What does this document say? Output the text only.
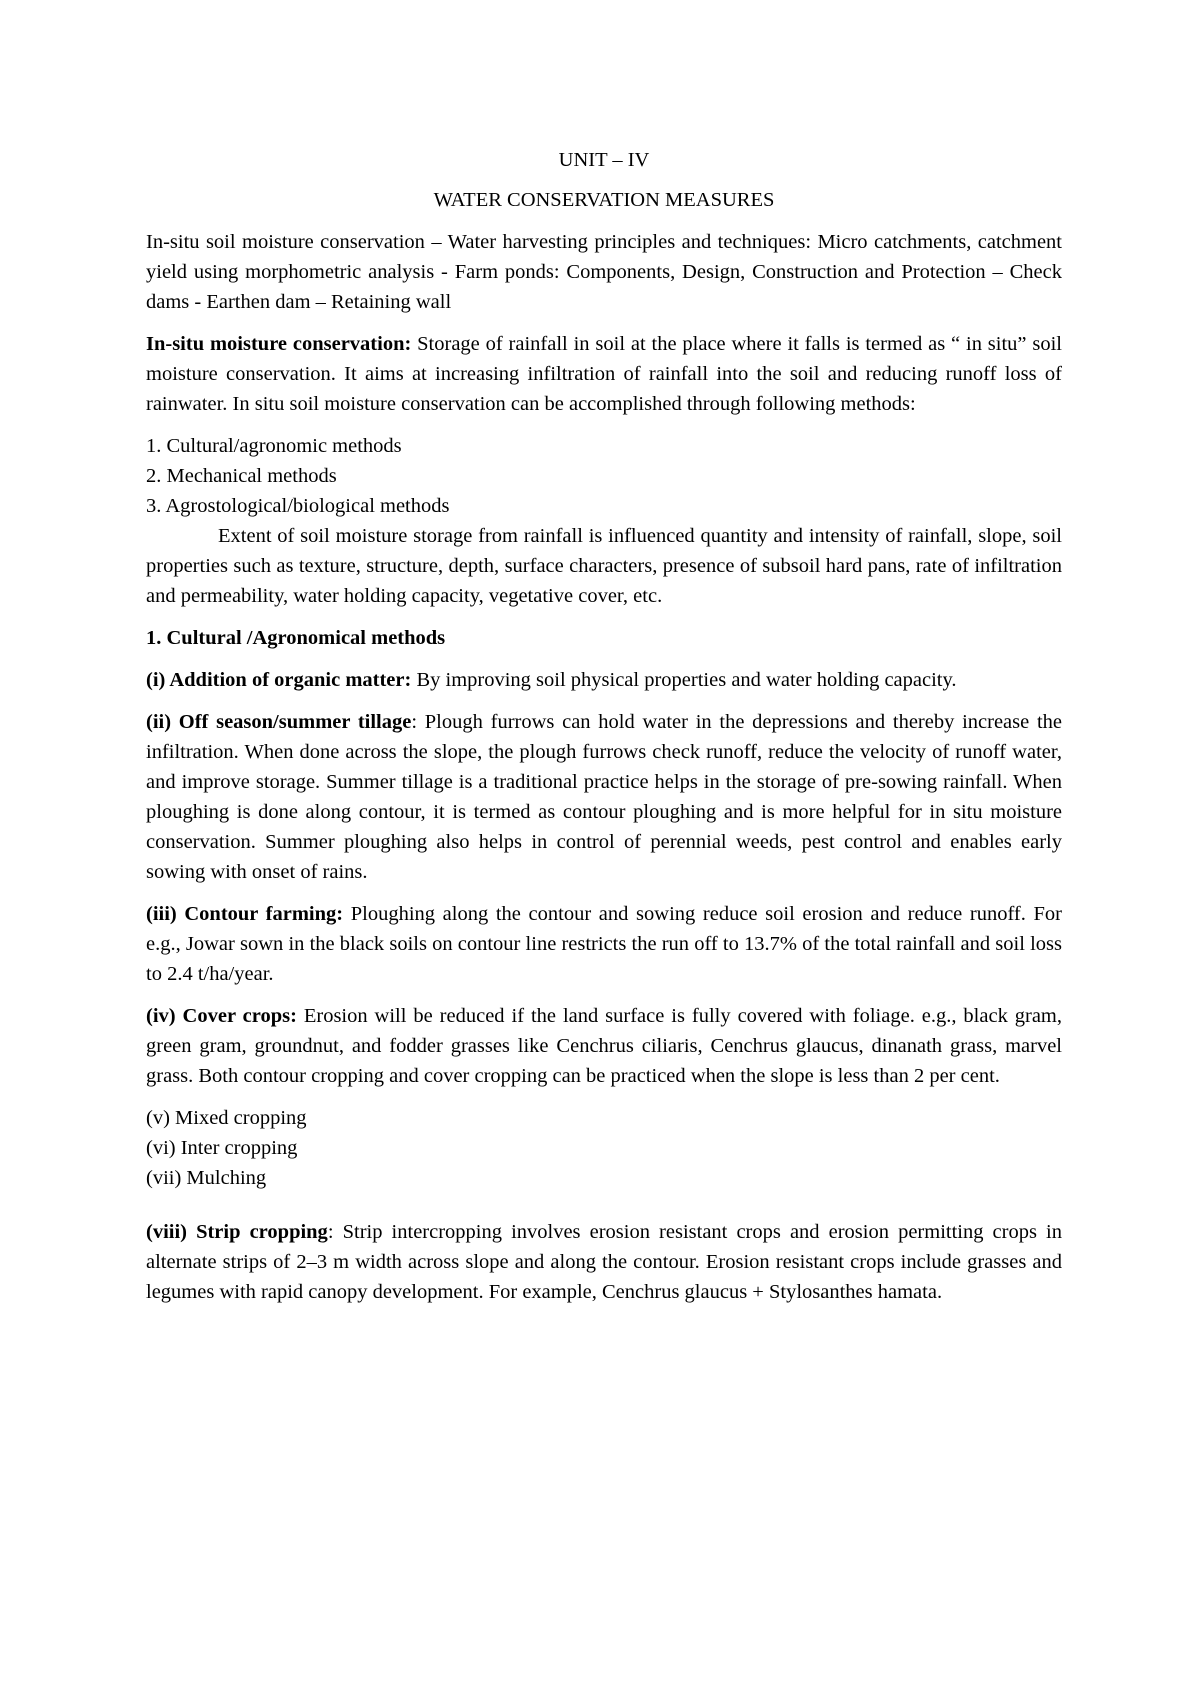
UNIT – IV

WATER CONSERVATION MEASURES

In-situ soil moisture conservation – Water harvesting principles and techniques: Micro catchments, catchment yield using morphometric analysis - Farm ponds: Components, Design, Construction and Protection – Check dams - Earthen dam – Retaining wall

In-situ moisture conservation: Storage of rainfall in soil at the place where it falls is termed as “ in situ” soil moisture conservation. It aims at increasing infiltration of rainfall into the soil and reducing runoff loss of rainwater. In situ soil moisture conservation can be accomplished through following methods:

1. Cultural/agronomic methods
2. Mechanical methods
3. Agrostological/biological methods

Extent of soil moisture storage from rainfall is influenced quantity and intensity of rainfall, slope, soil properties such as texture, structure, depth, surface characters, presence of subsoil hard pans, rate of infiltration and permeability, water holding capacity, vegetative cover, etc.

1. Cultural /Agronomical methods

(i) Addition of organic matter: By improving soil physical properties and water holding capacity.

(ii) Off season/summer tillage: Plough furrows can hold water in the depressions and thereby increase the infiltration. When done across the slope, the plough furrows check runoff, reduce the velocity of runoff water, and improve storage. Summer tillage is a traditional practice helps in the storage of pre-sowing rainfall. When ploughing is done along contour, it is termed as contour ploughing and is more helpful for in situ moisture conservation. Summer ploughing also helps in control of perennial weeds, pest control and enables early sowing with onset of rains.

(iii) Contour farming: Ploughing along the contour and sowing reduce soil erosion and reduce runoff. For e.g., Jowar sown in the black soils on contour line restricts the run off to 13.7% of the total rainfall and soil loss to 2.4 t/ha/year.

(iv) Cover crops: Erosion will be reduced if the land surface is fully covered with foliage. e.g., black gram, green gram, groundnut, and fodder grasses like Cenchrus ciliaris, Cenchrus glaucus, dinanath grass, marvel grass. Both contour cropping and cover cropping can be practiced when the slope is less than 2 per cent.

(v) Mixed cropping
(vi) Inter cropping
(vii) Mulching

(viii) Strip cropping: Strip intercropping involves erosion resistant crops and erosion permitting crops in alternate strips of 2–3 m width across slope and along the contour. Erosion resistant crops include grasses and legumes with rapid canopy development. For example, Cenchrus glaucus + Stylosanthes hamata.
